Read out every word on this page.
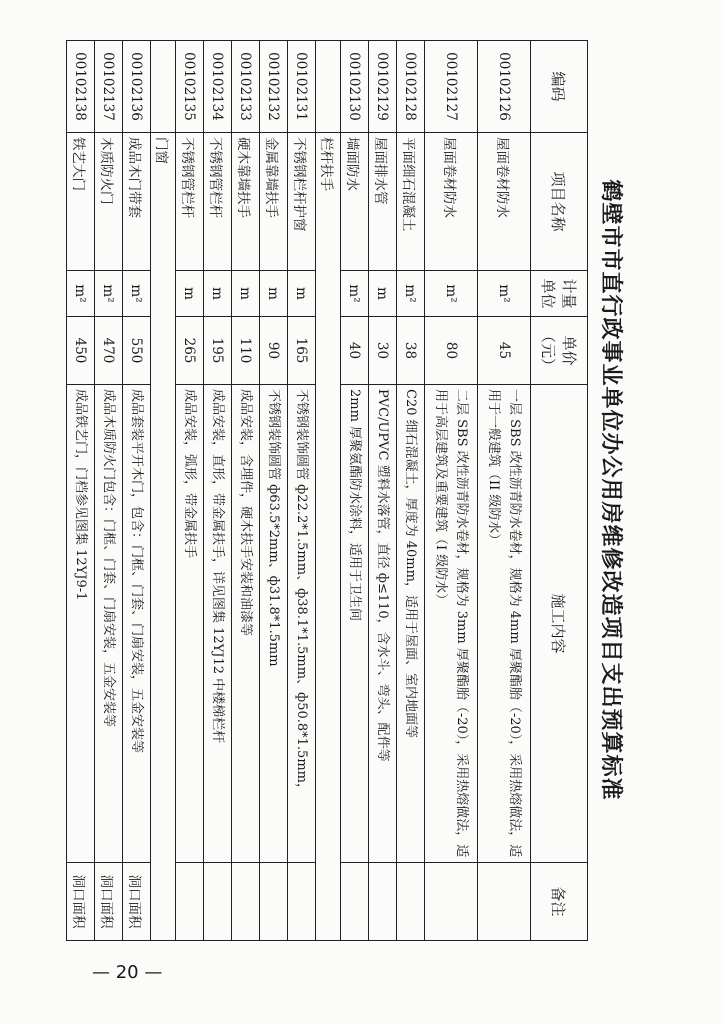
鹤壁市市直行政事业单位办公用房维修改造项目支出预算标准
编码	项目名称	计量单位	单价（元）	施工内容	备注
00102126	屋面卷材防水	m²	45	一层 SBS 改性沥青防水卷材，规格为 4mm 厚聚酯胎（-20），采用热熔做法，适用于一般建筑（II 级防水）	
00102127	屋面卷材防水	m²	80	二层 SBS 改性沥青防水卷材，规格为 3mm 厚聚酯胎（-20），采用热熔做法，适用于高层建筑及重要建筑（I 级防水）	
00102128	平面细石混凝土	m²	38	C20 细石混凝土，厚度为 40mm，适用于屋面、室内地面等	
00102129	屋面排水管	m	30	PVC/UPVC 塑料水落管，直径 ф≤110，含水斗、弯头、配件等	
00102130	墙面防水	m²	40	2mm 厚聚氨酯防水涂料，适用于卫生间	
	栏杆扶手				
00102131	不锈钢栏杆护窗	m	165	不锈钢装饰圆管 ф22.2*1.5mm、ф38.1*1.5mm、ф50.8*1.5mm，	
00102132	金属靠墙扶手	m	90	不锈钢装饰圆管 ф63.5*2mm、ф31.8*1.5mm	
00102133	硬木靠墙扶手	m	110	成品安装，含埋件，硬木扶手安装和油漆等	
00102134	不锈钢管栏杆	m	195	成品安装，直形，带金属扶手，详见图集 12YJ12 中楼梯栏杆	
00102135	不锈钢管栏杆	m	265	成品安装，弧形，带金属扶手	
	门窗				
00102136	成品木门带套	m²	550	成品套装平开木门，包含：门框、门套、门扇安装，五金安装等	洞口面积
00102137	木质防火门	m²	470	成品木质防火门包含：门框、门套、门扇安装，五金安装等	洞口面积
00102138	铁艺大门	m²	450	成品铁艺门，门档参见图集 12YJ9-1	洞口面积
— 20 —
